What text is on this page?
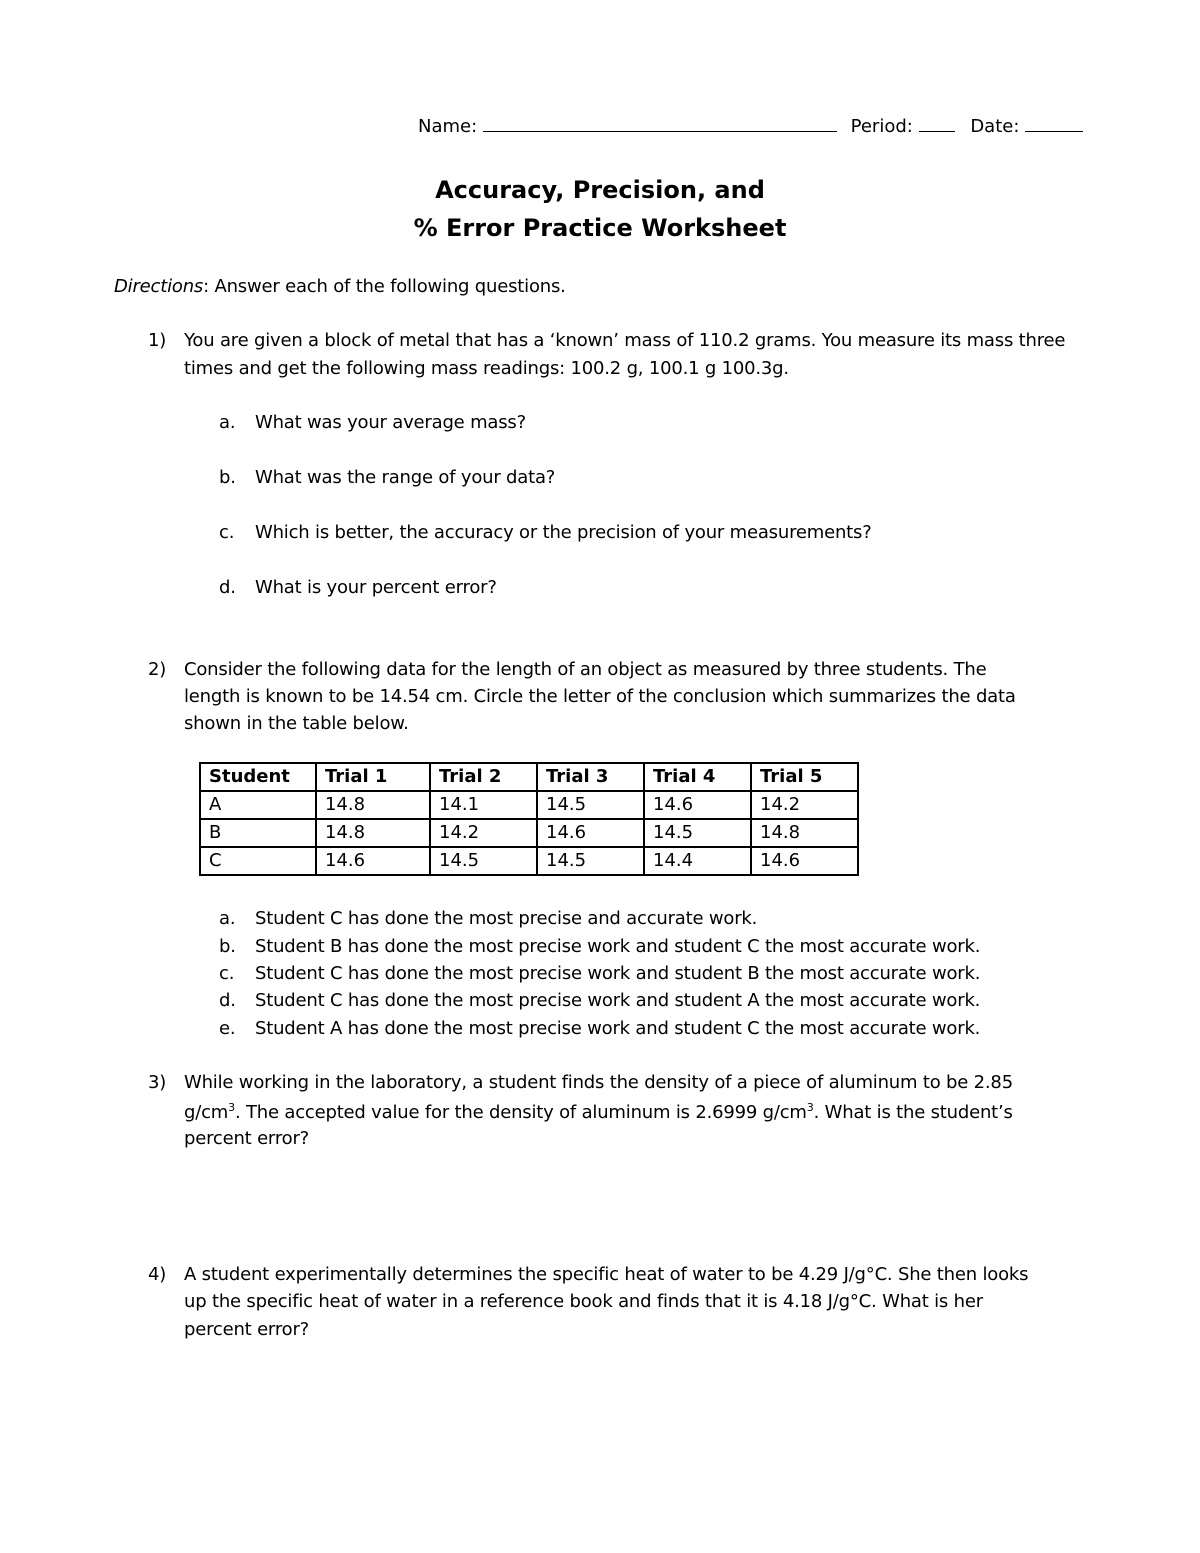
Name:	Period:	Date:
Accuracy, Precision, and
% Error Practice Worksheet
Directions: Answer each of the following questions.
1) You are given a block of metal that has a ‘known’ mass of 110.2 grams. You measure its mass three
times and get the following mass readings: 100.2 g, 100.1 g 100.3g.
a. What was your average mass?
b. What was the range of your data?
c. Which is better, the accuracy or the precision of your measurements?
d. What is your percent error?
2) Consider the following data for the length of an object as measured by three students. The
length is known to be 14.54 cm. Circle the letter of the conclusion which summarizes the data
shown in the table below.
Student	Trial 1	Trial 2	Trial 3	Trial 4	Trial 5
A	14.8	14.1	14.5	14.6	14.2
B	14.8	14.2	14.6	14.5	14.8
C	14.6	14.5	14.5	14.4	14.6
a. Student C has done the most precise and accurate work.
b. Student B has done the most precise work and student C the most accurate work.
c. Student C has done the most precise work and student B the most accurate work.
d. Student C has done the most precise work and student A the most accurate work.
e. Student A has done the most precise work and student C the most accurate work.
3) While working in the laboratory, a student finds the density of a piece of aluminum to be 2.85
$g/cm^3$. The accepted value for the density of aluminum is 2.6999 $g/cm^3$. What is the student’s
percent error?
4) A student experimentally determines the specific heat of water to be 4.29 J/g°C. She then looks
up the specific heat of water in a reference book and finds that it is 4.18 J/g°C. What is her
percent error?
